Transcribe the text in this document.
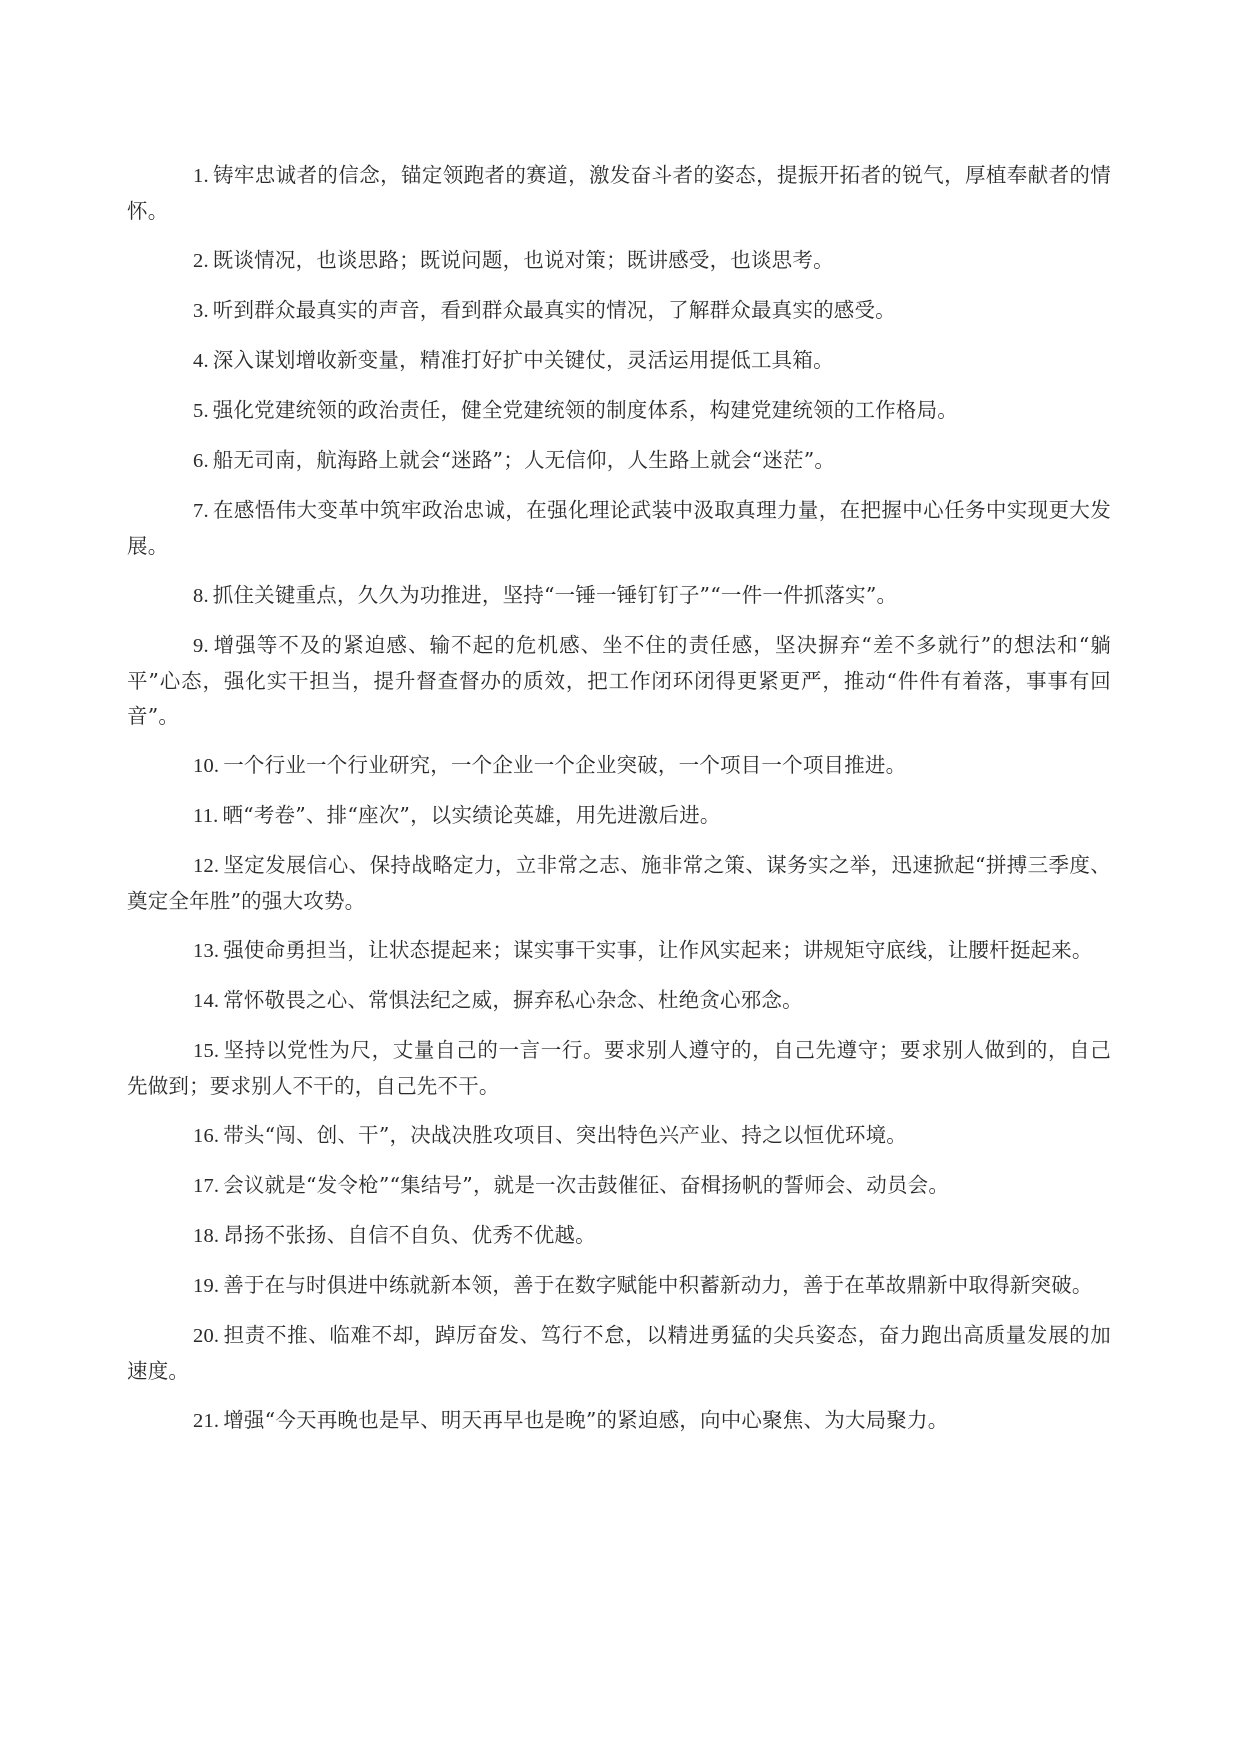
1. 铸牢忠诚者的信念，锚定领跑者的赛道，激发奋斗者的姿态，提振开拓者的锐气，厚植奉献者的情怀。

2. 既谈情况，也谈思路；既说问题，也说对策；既讲感受，也谈思考。

3. 听到群众最真实的声音，看到群众最真实的情况，了解群众最真实的感受。

4. 深入谋划增收新变量，精准打好扩中关键仗，灵活运用提低工具箱。

5. 强化党建统领的政治责任，健全党建统领的制度体系，构建党建统领的工作格局。

6. 船无司南，航海路上就会“迷路”；人无信仰，人生路上就会“迷茫”。

7. 在感悟伟大变革中筑牢政治忠诚，在强化理论武装中汲取真理力量，在把握中心任务中实现更大发展。

8. 抓住关键重点，久久为功推进，坚持“一锤一锤钉钉子”“一件一件抓落实”。

9. 增强等不及的紧迫感、输不起的危机感、坐不住的责任感，坚决摒弃“差不多就行”的想法和“躺平”心态，强化实干担当，提升督查督办的质效，把工作闭环闭得更紧更严，推动“件件有着落，事事有回音”。

10. 一个行业一个行业研究，一个企业一个企业突破，一个项目一个项目推进。

11. 晒“考卷”、排“座次”，以实绩论英雄，用先进激后进。

12. 坚定发展信心、保持战略定力，立非常之志、施非常之策、谋务实之举，迅速掀起“拼搏三季度、奠定全年胜”的强大攻势。

13. 强使命勇担当，让状态提起来；谋实事干实事，让作风实起来；讲规矩守底线，让腰杆挺起来。

14. 常怀敬畏之心、常惧法纪之威，摒弃私心杂念、杜绝贪心邪念。

15. 坚持以党性为尺，丈量自己的一言一行。要求别人遵守的，自己先遵守；要求别人做到的，自己先做到；要求别人不干的，自己先不干。

16. 带头“闯、创、干”，决战决胜攻项目、突出特色兴产业、持之以恒优环境。

17. 会议就是“发令枪”“集结号”，就是一次击鼓催征、奋楫扬帆的誓师会、动员会。

18. 昂扬不张扬、自信不自负、优秀不优越。

19. 善于在与时俱进中练就新本领，善于在数字赋能中积蓄新动力，善于在革故鼎新中取得新突破。

20. 担责不推、临难不却，踔厉奋发、笃行不怠，以精进勇猛的尖兵姿态，奋力跑出高质量发展的加速度。

21. 增强“今天再晚也是早、明天再早也是晚”的紧迫感，向中心聚焦、为大局聚力。
